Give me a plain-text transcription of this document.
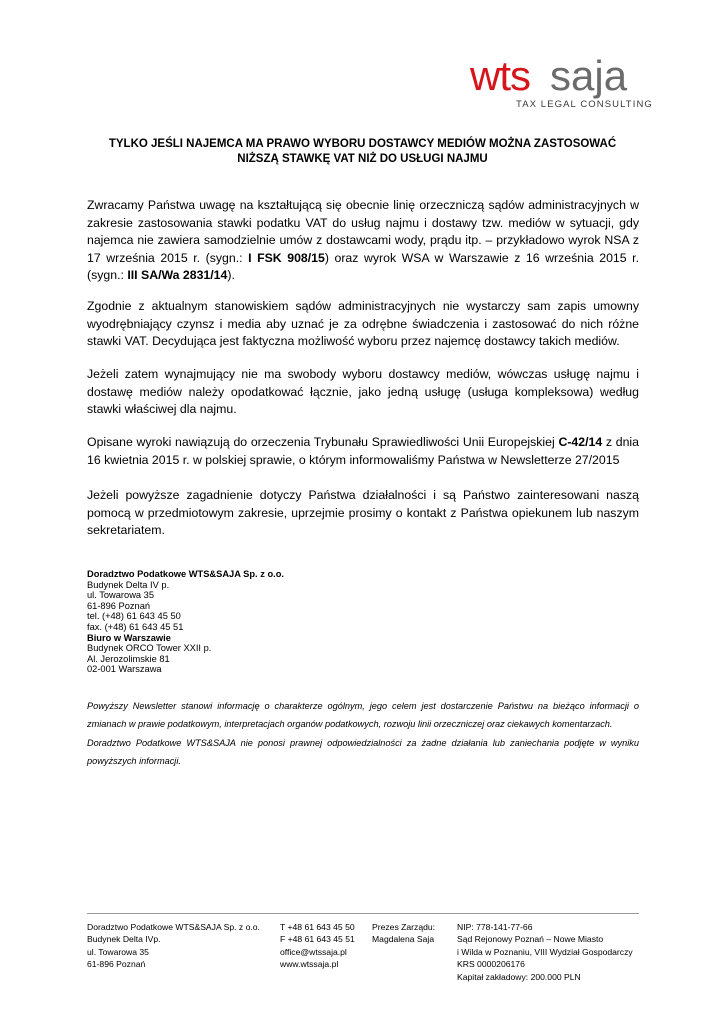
wts saja
TAX LEGAL CONSULTING
TYLKO JEŚLI NAJEMCA MA PRAWO WYBORU DOSTAWCY MEDIÓW MOŻNA ZASTOSOWAĆ
NIŻSZĄ STAWKĘ VAT NIŻ DO USŁUGI NAJMU

Zwracamy Państwa uwagę na kształtującą się obecnie linię orzeczniczą sądów administracyjnych w zakresie zastosowania stawki podatku VAT do usług najmu i dostawy tzw. mediów w sytuacji, gdy najemca nie zawiera samodzielnie umów z dostawcami wody, prądu itp. – przykładowo wyrok NSA z 17 września 2015 r. (sygn.: I FSK 908/15) oraz wyrok WSA w Warszawie z 16 września 2015 r. (sygn.: III SA/Wa 2831/14).

Zgodnie z aktualnym stanowiskiem sądów administracyjnych nie wystarczy sam zapis umowny wyodrębniający czynsz i media aby uznać je za odrębne świadczenia i zastosować do nich różne stawki VAT. Decydująca jest faktyczna możliwość wyboru przez najemcę dostawcy takich mediów.

Jeżeli zatem wynajmujący nie ma swobody wyboru dostawcy mediów, wówczas usługę najmu i dostawę mediów należy opodatkować łącznie, jako jedną usługę (usługa kompleksowa) według stawki właściwej dla najmu.

Opisane wyroki nawiązują do orzeczenia Trybunału Sprawiedliwości Unii Europejskiej C-42/14 z dnia 16 kwietnia 2015 r. w polskiej sprawie, o którym informowaliśmy Państwa w Newsletterze 27/2015

Jeżeli powyższe zagadnienie dotyczy Państwa działalności i są Państwo zainteresowani naszą pomocą w przedmiotowym zakresie, uprzejmie prosimy o kontakt z Państwa opiekunem lub naszym sekretariatem.

Doradztwo Podatkowe WTS&SAJA Sp. z o.o.
Budynek Delta IV p.
ul. Towarowa 35
61-896 Poznań
tel. (+48) 61 643 45 50
fax. (+48) 61 643 45 51
Biuro w Warszawie
Budynek ORCO Tower XXII p.
Al. Jerozolimskie 81
02-001 Warszawa

Powyższy Newsletter stanowi informację o charakterze ogólnym, jego celem jest dostarczenie Państwu na bieżąco informacji o zmianach w prawie podatkowym, interpretacjach organów podatkowych, rozwoju linii orzeczniczej oraz ciekawych komentarzach.

Doradztwo Podatkowe WTS&SAJA nie ponosi prawnej odpowiedzialności za żadne działania lub zaniechania podjęte w wyniku powyższych informacji.

Doradztwo Podatkowe WTS&SAJA Sp. z o.o.
Budynek Delta IVp.
ul. Towarowa 35
61-896 Poznań
T +48 61 643 45 50
F +48 61 643 45 51
office@wtssaja.pl
www.wtssaja.pl
Prezes Zarządu:
Magdalena Saja
NIP: 778-141-77-66
Sąd Rejonowy Poznań – Nowe Miasto
i Wilda w Poznaniu, VIII Wydział Gospodarczy
KRS 0000206176
Kapitał zakładowy: 200.000 PLN
